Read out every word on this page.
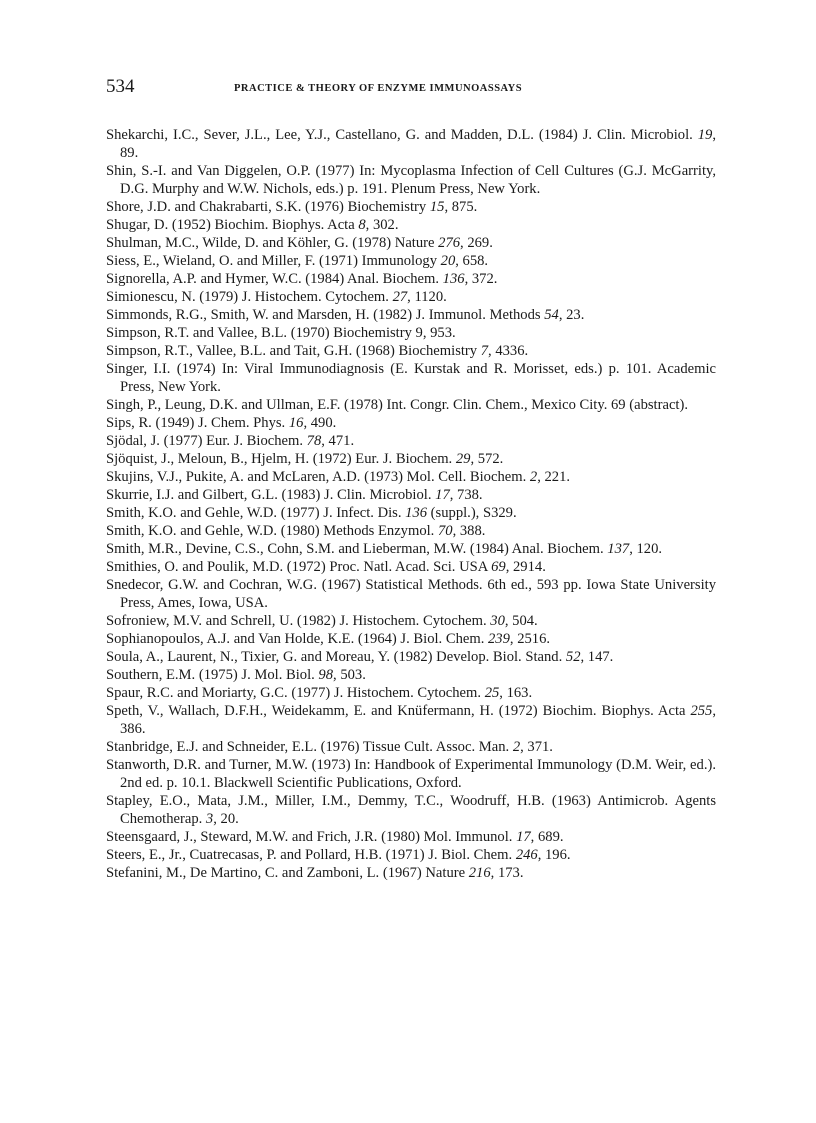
534	PRACTICE & THEORY OF ENZYME IMMUNOASSAYS
Shekarchi, I.C., Sever, J.L., Lee, Y.J., Castellano, G. and Madden, D.L. (1984) J. Clin. Microbiol. 19, 89.
Shin, S.-I. and Van Diggelen, O.P. (1977) In: Mycoplasma Infection of Cell Cultures (G.J. McGarrity, D.G. Murphy and W.W. Nichols, eds.) p. 191. Plenum Press, New York.
Shore, J.D. and Chakrabarti, S.K. (1976) Biochemistry 15, 875.
Shugar, D. (1952) Biochim. Biophys. Acta 8, 302.
Shulman, M.C., Wilde, D. and Köhler, G. (1978) Nature 276, 269.
Siess, E., Wieland, O. and Miller, F. (1971) Immunology 20, 658.
Signorella, A.P. and Hymer, W.C. (1984) Anal. Biochem. 136, 372.
Simionescu, N. (1979) J. Histochem. Cytochem. 27, 1120.
Simmonds, R.G., Smith, W. and Marsden, H. (1982) J. Immunol. Methods 54, 23.
Simpson, R.T. and Vallee, B.L. (1970) Biochemistry 9, 953.
Simpson, R.T., Vallee, B.L. and Tait, G.H. (1968) Biochemistry 7, 4336.
Singer, I.I. (1974) In: Viral Immunodiagnosis (E. Kurstak and R. Morisset, eds.) p. 101. Academic Press, New York.
Singh, P., Leung, D.K. and Ullman, E.F. (1978) Int. Congr. Clin. Chem., Mexico City. 69 (abstract).
Sips, R. (1949) J. Chem. Phys. 16, 490.
Sjödal, J. (1977) Eur. J. Biochem. 78, 471.
Sjöquist, J., Meloun, B., Hjelm, H. (1972) Eur. J. Biochem. 29, 572.
Skujins, V.J., Pukite, A. and McLaren, A.D. (1973) Mol. Cell. Biochem. 2, 221.
Skurrie, I.J. and Gilbert, G.L. (1983) J. Clin. Microbiol. 17, 738.
Smith, K.O. and Gehle, W.D. (1977) J. Infect. Dis. 136 (suppl.), S329.
Smith, K.O. and Gehle, W.D. (1980) Methods Enzymol. 70, 388.
Smith, M.R., Devine, C.S., Cohn, S.M. and Lieberman, M.W. (1984) Anal. Biochem. 137, 120.
Smithies, O. and Poulik, M.D. (1972) Proc. Natl. Acad. Sci. USA 69, 2914.
Snedecor, G.W. and Cochran, W.G. (1967) Statistical Methods. 6th ed., 593 pp. Iowa State University Press, Ames, Iowa, USA.
Sofroniew, M.V. and Schrell, U. (1982) J. Histochem. Cytochem. 30, 504.
Sophianopoulos, A.J. and Van Holde, K.E. (1964) J. Biol. Chem. 239, 2516.
Soula, A., Laurent, N., Tixier, G. and Moreau, Y. (1982) Develop. Biol. Stand. 52, 147.
Southern, E.M. (1975) J. Mol. Biol. 98, 503.
Spaur, R.C. and Moriarty, G.C. (1977) J. Histochem. Cytochem. 25, 163.
Speth, V., Wallach, D.F.H., Weidekamm, E. and Knüfermann, H. (1972) Biochim. Biophys. Acta 255, 386.
Stanbridge, E.J. and Schneider, E.L. (1976) Tissue Cult. Assoc. Man. 2, 371.
Stanworth, D.R. and Turner, M.W. (1973) In: Handbook of Experimental Immunology (D.M. Weir, ed.). 2nd ed. p. 10.1. Blackwell Scientific Publications, Oxford.
Stapley, E.O., Mata, J.M., Miller, I.M., Demmy, T.C., Woodruff, H.B. (1963) Antimicrob. Agents Chemotherap. 3, 20.
Steensgaard, J., Steward, M.W. and Frich, J.R. (1980) Mol. Immunol. 17, 689.
Steers, E., Jr., Cuatrecasas, P. and Pollard, H.B. (1971) J. Biol. Chem. 246, 196.
Stefanini, M., De Martino, C. and Zamboni, L. (1967) Nature 216, 173.
